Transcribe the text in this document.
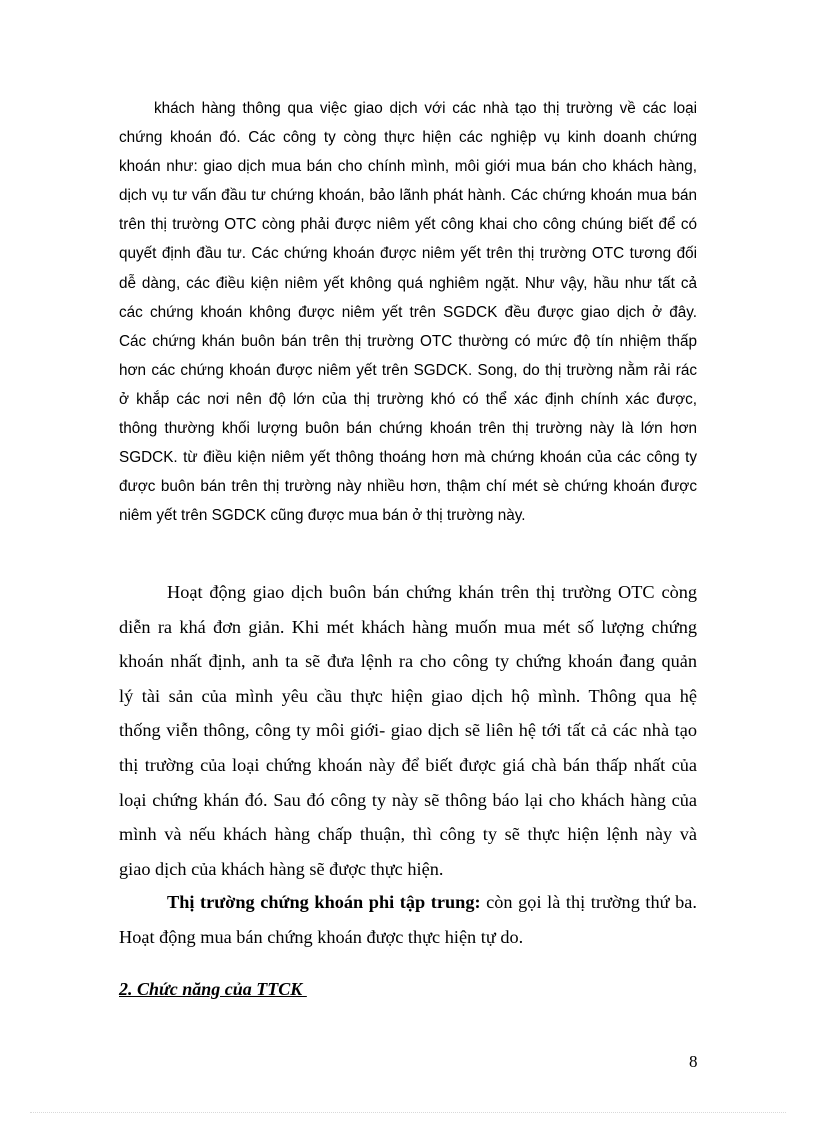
khách hàng thông qua việc giao dịch với các nhà tạo thị trường về các loại
chứng khoán đó. Các công ty còng thực hiện các nghiệp vụ kinh doanh chứng
khoán như: giao dịch mua bán cho chính mình, môi giới mua bán cho khách hàng,
dịch vụ tư vấn đầu tư chứng khoán, bảo lãnh phát hành. Các chứng khoán mua bán
trên thị trường OTC còng phải được niêm yết công khai cho công chúng biết để có
quyết định đầu tư. Các chứng khoán được niêm yết trên thị trường OTC tương đối
dễ dàng, các điều kiện niêm yết không quá nghiêm ngặt. Như vậy, hầu như tất cả
các chứng khoán không được niêm yết trên SGDCK đều được giao dịch ở đây.
Các chứng khán buôn bán trên thị trường OTC thường có mức độ tín nhiệm thấp
hơn các chứng khoán được niêm yết trên SGDCK. Song, do thị trường nằm rải rác
ở khắp các nơi nên độ lớn của thị trường khó có thể xác định chính xác được,
thông thường khối lượng buôn bán chứng khoán trên thị trường này là lớn hơn
SGDCK. từ điều kiện niêm yết thông thoáng hơn mà chứng khoán của các công ty
được buôn bán trên thị trường này nhiều hơn, thậm chí mét sè chứng khoán được
niêm yết trên SGDCK cũng được mua bán ở thị trường này.
Hoạt động giao dịch buôn bán chứng khán trên thị trường OTC còng
diễn ra khá đơn giản. Khi mét khách hàng muốn mua mét số lượng chứng
khoán nhất định, anh ta sẽ đưa lệnh ra cho công ty chứng khoán đang quản
lý tài sản của mình yêu cầu thực hiện giao dịch hộ mình. Thông qua hệ
thống viễn thông, công ty môi giới- giao dịch sẽ liên hệ tới tất cả các nhà tạo
thị trường của loại chứng khoán này để biết được giá chà bán thấp nhất của
loại chứng khán đó. Sau đó công ty này sẽ thông báo lại cho khách hàng của
mình và nếu khách hàng chấp thuận, thì công ty sẽ thực hiện lệnh này và
giao dịch của khách hàng sẽ được thực hiện.
Thị trường chứng khoán phi tập trung: còn gọi là thị trường thứ ba.
Hoạt động mua bán chứng khoán được thực hiện tự do.
2. Chức năng của TTCK
8
